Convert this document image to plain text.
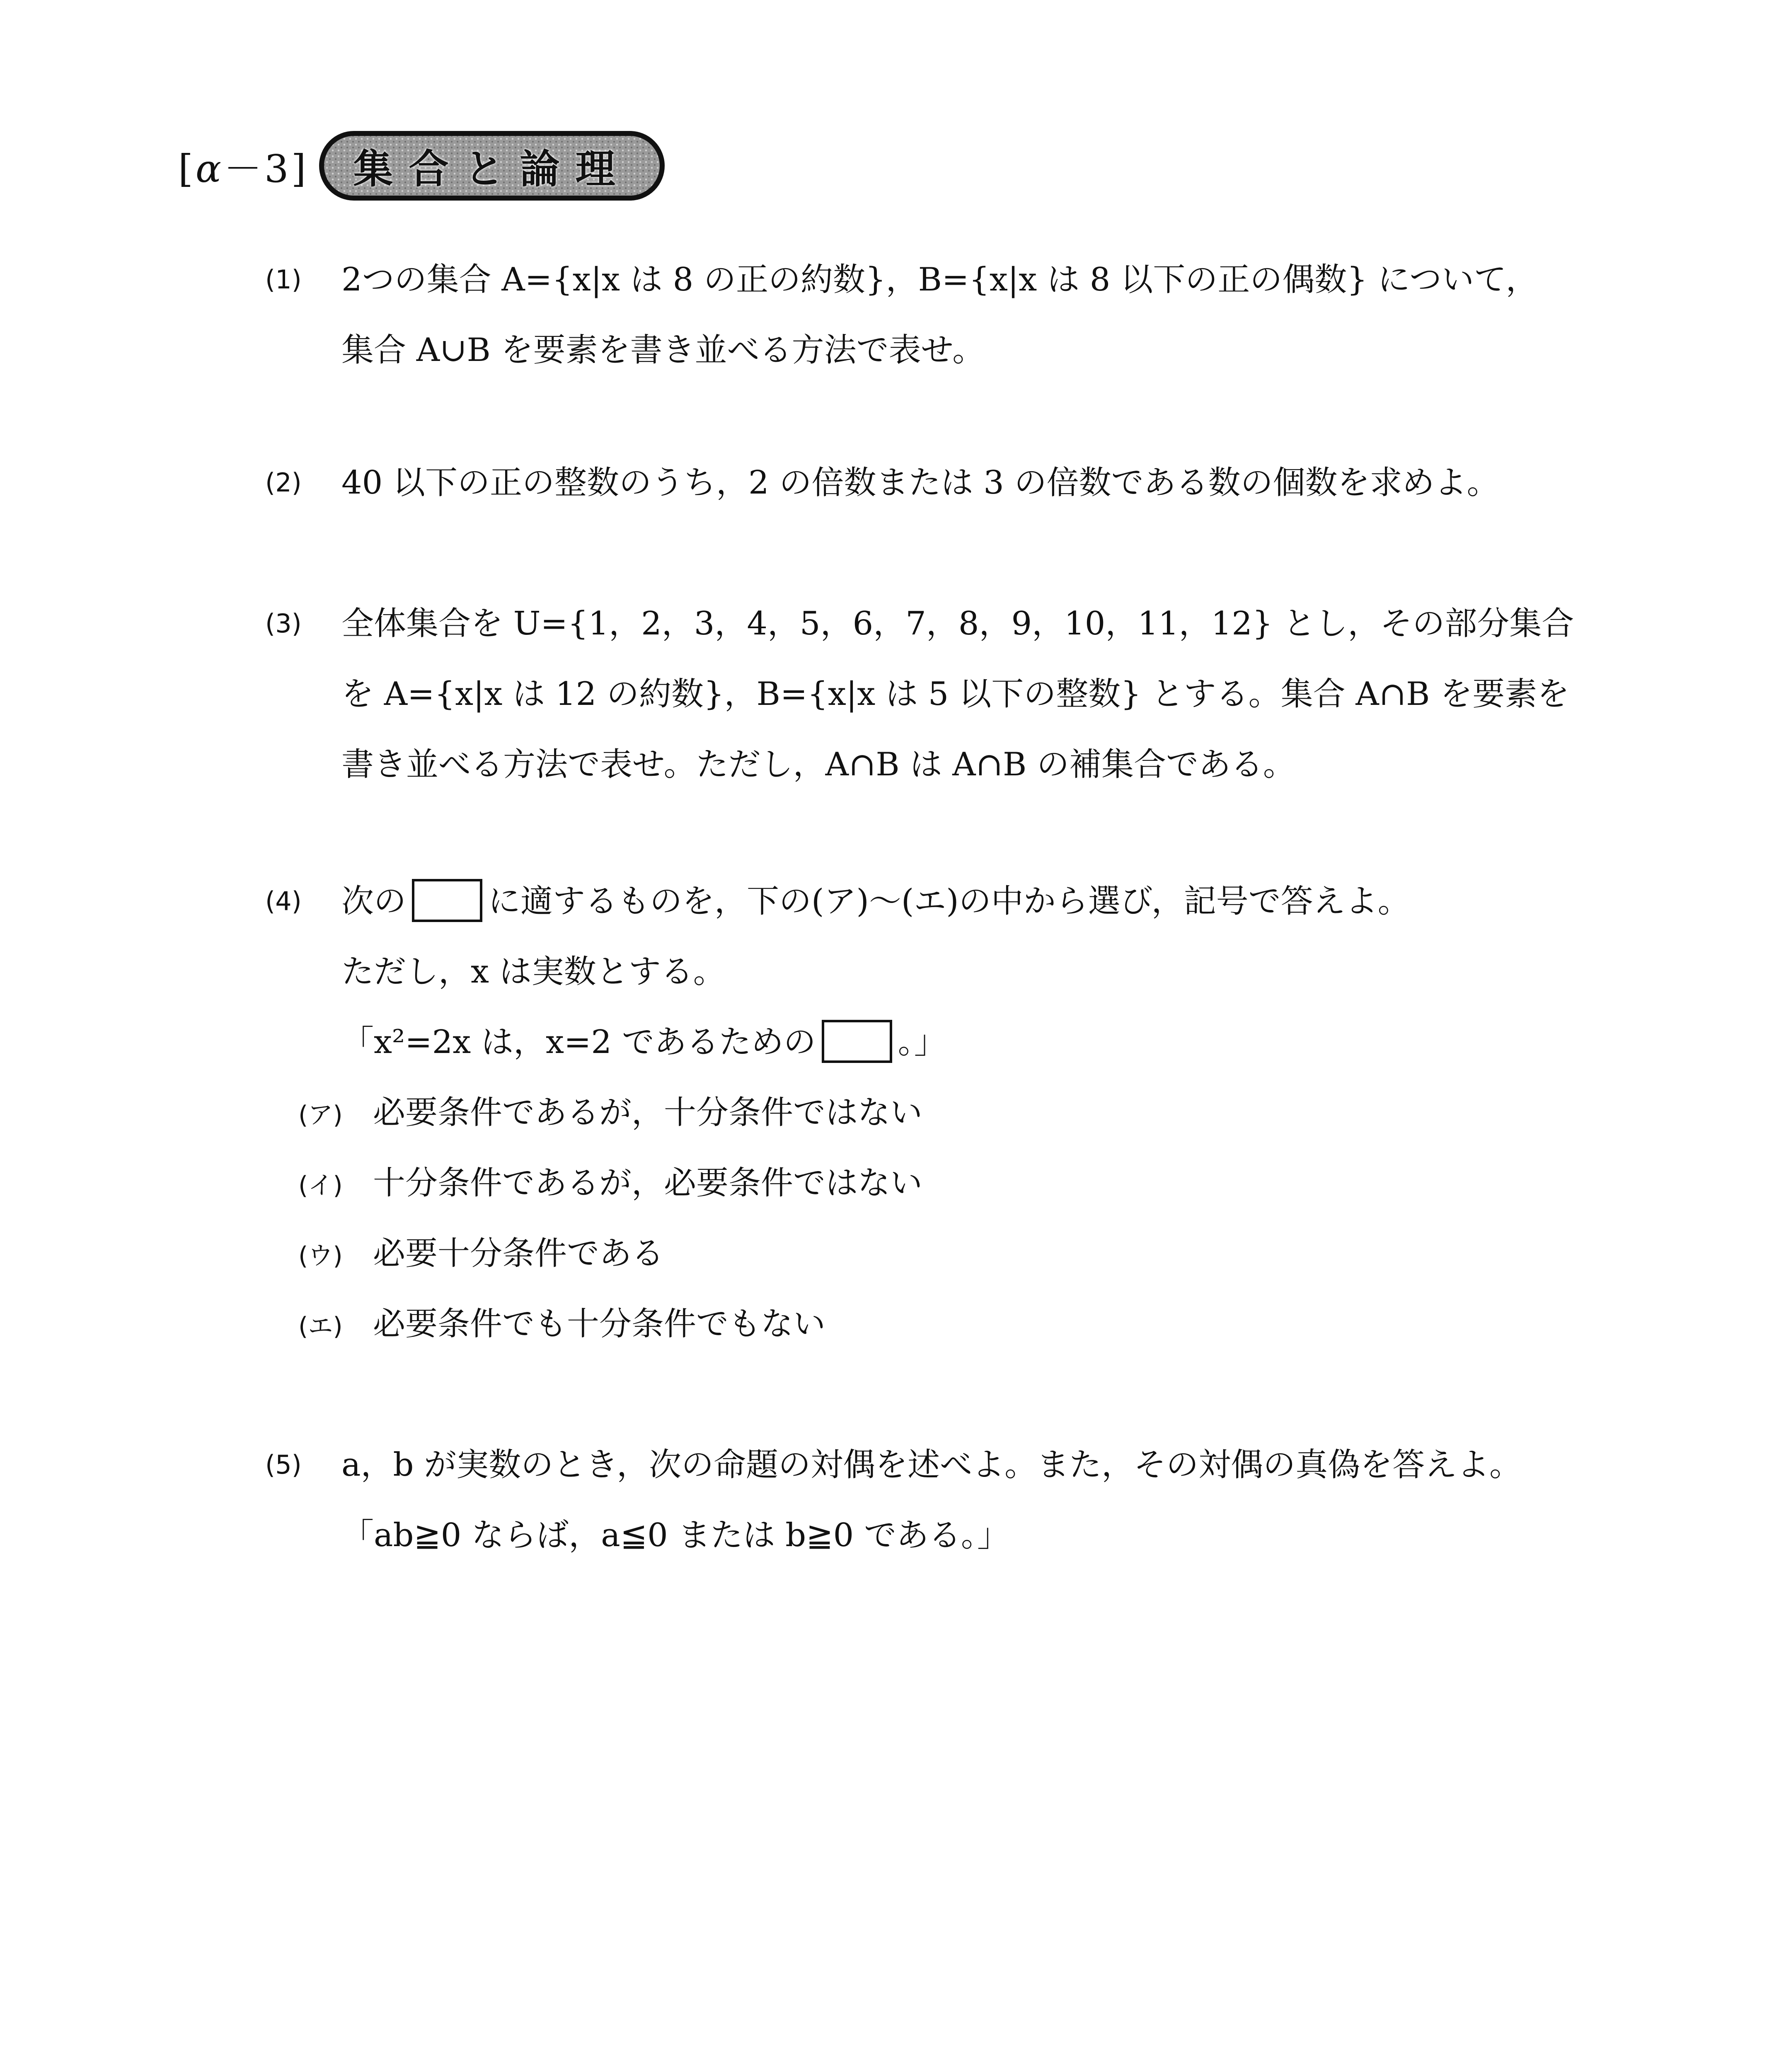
[α－3] 集合と論理
(1) 2つの集合 A={x|x は 8 の正の約数}，B={x|x は 8 以下の正の偶数} について，
集合 A∪B を要素を書き並べる方法で表せ。
(2) 40 以下の正の整数のうち，2 の倍数または 3 の倍数である数の個数を求めよ。
(3) 全体集合を U={1，2，3，4，5，6，7，8，9，10，11，12} とし，その部分集合
を A={x|x は 12 の約数}，B={x|x は 5 以下の整数} とする。集合 A∩B を要素を
書き並べる方法で表せ。ただし，A∩B は A∩B の補集合である。
(4) 次の	に適するものを，下の(ア)～(エ)の中から選び，記号で答えよ。
ただし，x は実数とする。
「x²=2x は，x=2 であるための	。」
(ア) 必要条件であるが，十分条件ではない
(イ) 十分条件であるが，必要条件ではない
(ウ) 必要十分条件である
(エ) 必要条件でも十分条件でもない
(5) a，b が実数のとき，次の命題の対偶を述べよ。また，その対偶の真偽を答えよ。
「ab≧0 ならば，a≦0 または b≧0 である。」
